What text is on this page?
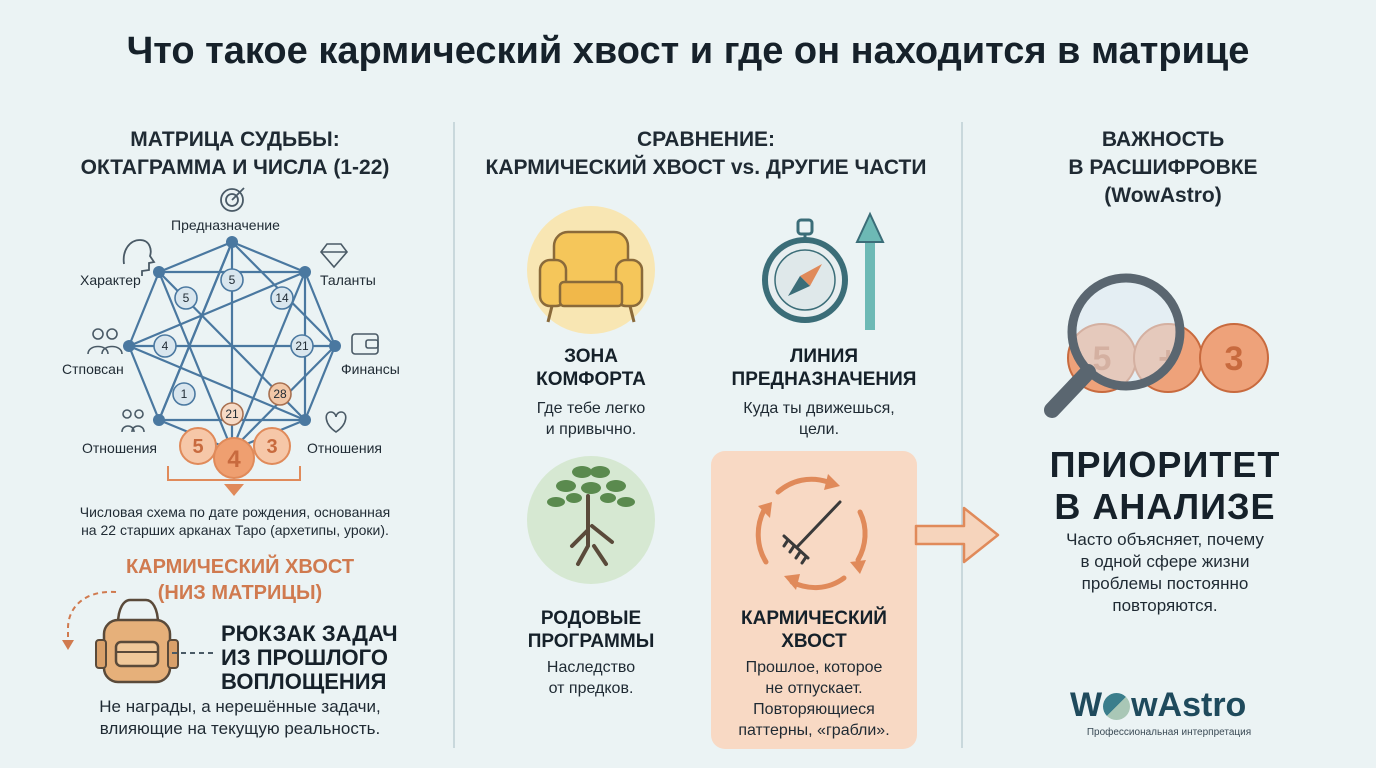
Что такое кармический хвост и где он находится в матрице
МАТРИЦА СУДЬБЫ:
ОКТАГРАММА И ЧИСЛА (1-22)
5
5	14
4	21
1	28
21
5 4 3
Предназначение
Характер	Таланты
Стповсан	Финансы
Отношения	Отношения
Числовая схема по дате рождения, основанная
на 22 старших арканах Таро (архетипы, уроки).
КАРМИЧЕСКИЙ ХВОСТ
(НИЗ МАТРИЦЫ)
РЮКЗАК ЗАДАЧ
ИЗ ПРОШЛОГО
ВОПЛОЩЕНИЯ
Не награды, а нерешённые задачи,
влияющие на текущую реальность.
СРАВНЕНИЕ:
КАРМИЧЕСКИЙ ХВОСТ vs. ДРУГИЕ ЧАСТИ
ЗОНА
КОМФОРТА
Где тебе легко
и привычно.
ЛИНИЯ
ПРЕДНАЗНАЧЕНИЯ
Куда ты движешься,
цели.
РОДОВЫЕ
ПРОГРАММЫ
Наследство
от предков.
КАРМИЧЕСКИЙ
ХВОСТ
Прошлое, которое
не отпускает.
Повторяющиеся
паттерны, «грабли».
ВАЖНОСТЬ
В РАСШИФРОВКЕ
(WowAstro)
3
ПРИОРИТЕТ
В АНАЛИЗЕ
Часто объясняет, почему
в одной сфере жизни
проблемы постоянно
повторяются.
W wAstro
Профессиональная интерпретация
